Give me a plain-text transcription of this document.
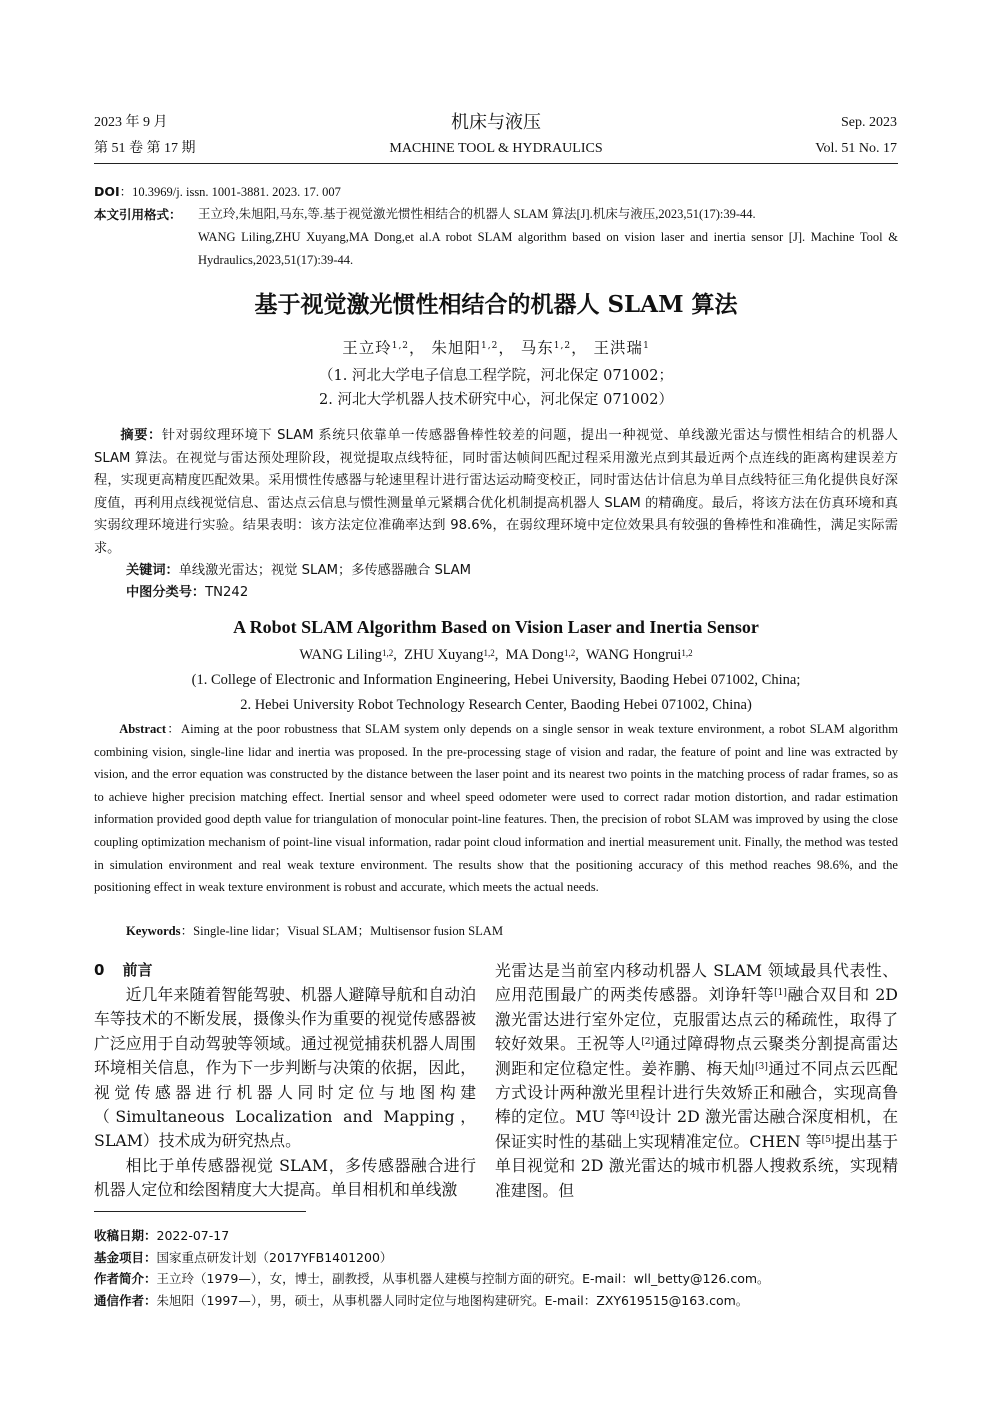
2023 年 9 月
第 51 卷 第 17 期
机床与液压
MACHINE TOOL & HYDRAULICS
Sep. 2023
Vol. 51 No. 17
DOI：10.3969/j. issn. 1001-3881. 2023. 17. 007
本文引用格式： 王立玲,朱旭阳,马东,等.基于视觉激光惯性相结合的机器人 SLAM 算法[J].机床与液压,2023,51(17):39-44.
WANG Liling,ZHU Xuyang,MA Dong,et al.A robot SLAM algorithm based on vision laser and inertia sensor [J]. Machine Tool & Hydraulics,2023,51(17):39-44.
基于视觉激光惯性相结合的机器人 SLAM 算法
王立玲$^{1,2}$， 朱旭阳$^{1,2}$， 马东$^{1,2}$， 王洪瑞$^1$
（1. 河北大学电子信息工程学院，河北保定 071002；
2. 河北大学机器人技术研究中心，河北保定 071002）
摘要：针对弱纹理环境下 SLAM 系统只依靠单一传感器鲁棒性较差的问题，提出一种视觉、单线激光雷达与惯性相结合的机器人 SLAM 算法。在视觉与雷达预处理阶段，视觉提取点线特征，同时雷达帧间匹配过程采用激光点到其最近两个点连线的距离构建误差方程，实现更高精度匹配效果。采用惯性传感器与轮速里程计进行雷达运动畸变校正，同时雷达估计信息为单目点线特征三角化提供良好深度值，再利用点线视觉信息、雷达点云信息与惯性测量单元紧耦合优化机制提高机器人 SLAM 的精确度。最后，将该方法在仿真环境和真实弱纹理环境进行实验。结果表明：该方法定位准确率达到 98.6%，在弱纹理环境中定位效果具有较强的鲁棒性和准确性，满足实际需求。
关键词：单线激光雷达；视觉 SLAM；多传感器融合 SLAM
中图分类号：TN242
A Robot SLAM Algorithm Based on Vision Laser and Inertia Sensor
WANG Liling$^{1,2}$,  ZHU Xuyang$^{1,2}$,  MA Dong$^{1,2}$,  WANG Hongrui$^{1,2}$
(1. College of Electronic and Information Engineering, Hebei University, Baoding Hebei 071002, China;
2. Hebei University Robot Technology Research Center, Baoding Hebei 071002, China)
Abstract：Aiming at the poor robustness that SLAM system only depends on a single sensor in weak texture environment, a robot SLAM algorithm combining vision, single-line lidar and inertia was proposed. In the pre-processing stage of vision and radar, the feature of point and line was extracted by vision, and the error equation was constructed by the distance between the laser point and its nearest two points in the matching process of radar frames, so as to achieve higher precision matching effect. Inertial sensor and wheel speed odometer were used to correct radar motion distortion, and radar estimation information provided good depth value for triangulation of monocular point-line features. Then, the precision of robot SLAM was improved by using the close coupling optimization mechanism of point-line visual information, radar point cloud information and inertial measurement unit. Finally, the method was tested in simulation environment and real weak texture environment. The results show that the positioning accuracy of this method reaches 98.6%, and the positioning effect in weak texture environment is robust and accurate, which meets the actual needs.
Keywords：Single-line lidar；Visual SLAM；Multisensor fusion SLAM
0 前言

近几年来随着智能驾驶、机器人避障导航和自动泊车等技术的不断发展，摄像头作为重要的视觉传感器被广泛应用于自动驾驶等领域。通过视觉捕获机器人周围环境相关信息，作为下一步判断与决策的依据，因此，视觉传感器进行机器人同时定位与地图构建（Simultaneous Localization and Mapping，SLAM）技术成为研究热点。

相比于单传感器视觉 SLAM，多传感器融合进行机器人定位和绘图精度大大提高。单目相机和单线激

光雷达是当前室内移动机器人 SLAM 领域最具代表性、应用范围最广的两类传感器。刘诤轩等[1]融合双目和 2D 激光雷达进行室外定位，克服雷达点云的稀疏性，取得了较好效果。王祝等人[2]通过障碍物点云聚类分割提高雷达测距和定位稳定性。姜祚鹏、梅天灿[3]通过不同点云匹配方式设计两种激光里程计进行失效矫正和融合，实现高鲁棒的定位。MU 等[4]设计 2D 激光雷达融合深度相机，在保证实时性的基础上实现精准定位。CHEN 等[5]提出基于单目视觉和 2D 激光雷达的城市机器人搜救系统，实现精准建图。但

收稿日期：2022-07-17
基金项目：国家重点研发计划（2017YFB1401200）
作者简介：王立玲（1979—），女，博士，副教授，从事机器人建模与控制方面的研究。E-mail：wll_betty@126.com。
通信作者：朱旭阳（1997—），男，硕士，从事机器人同时定位与地图构建研究。E-mail：ZXY619515@163.com。
